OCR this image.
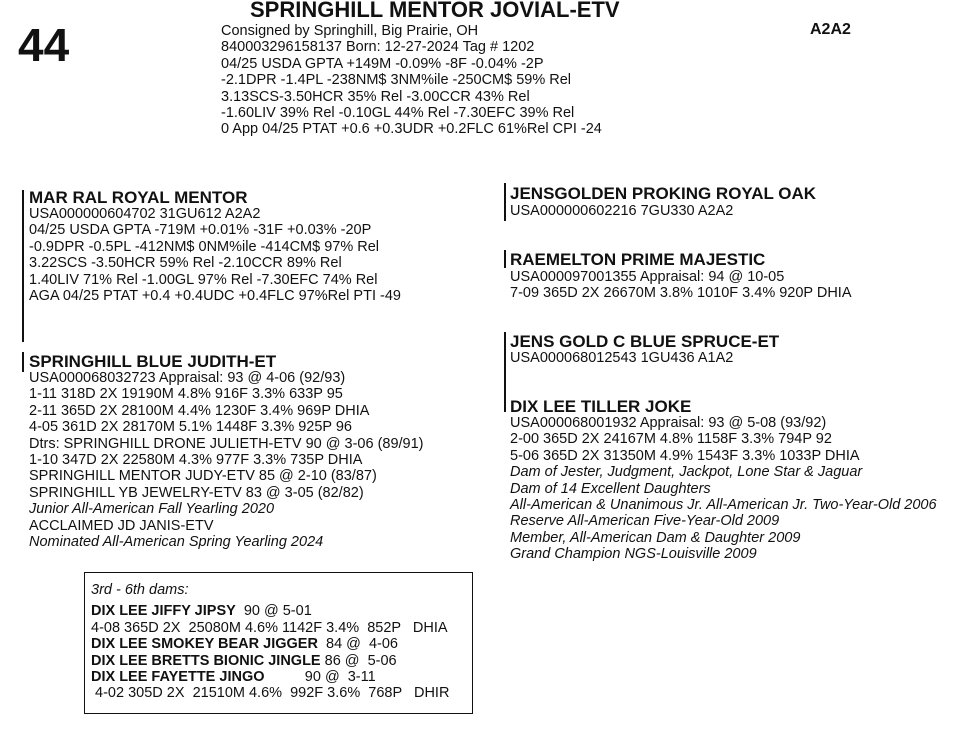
44
SPRINGHILL MENTOR JOVIAL-ETV
A2A2
Consigned by Springhill, Big Prairie, OH
840003296158137 Born: 12-27-2024 Tag # 1202
04/25 USDA GPTA +149M -0.09% -8F -0.04% -2P
-2.1DPR -1.4PL -238NM$ 3NM%ile -250CM$ 59% Rel
3.13SCS-3.50HCR 35% Rel -3.00CCR 43% Rel
-1.60LIV 39% Rel -0.10GL 44% Rel -7.30EFC 39% Rel
0 App 04/25 PTAT +0.6 +0.3UDR +0.2FLC 61%Rel CPI -24
MAR RAL ROYAL MENTOR
USA000000604702 31GU612 A2A2
04/25 USDA GPTA -719M +0.01% -31F +0.03% -20P
-0.9DPR -0.5PL -412NM$ 0NM%ile -414CM$ 97% Rel
3.22SCS -3.50HCR 59% Rel -2.10CCR 89% Rel
1.40LIV 71% Rel -1.00GL 97% Rel -7.30EFC 74% Rel
AGA 04/25 PTAT +0.4 +0.4UDC +0.4FLC 97%Rel PTI -49
SPRINGHILL BLUE JUDITH-ET
USA000068032723 Appraisal: 93 @ 4-06 (92/93)
1-11 318D 2X 19190M 4.8% 916F 3.3% 633P 95
2-11 365D 2X 28100M 4.4% 1230F 3.4% 969P DHIA
4-05 361D 2X 28170M 5.1% 1448F 3.3% 925P 96
Dtrs: SPRINGHILL DRONE JULIETH-ETV 90 @ 3-06 (89/91)
1-10 347D 2X 22580M 4.3% 977F 3.3% 735P DHIA
SPRINGHILL MENTOR JUDY-ETV 85 @ 2-10 (83/87)
SPRINGHILL YB JEWELRY-ETV 83 @ 3-05 (82/82)
Junior All-American Fall Yearling 2020
ACCLAIMED JD JANIS-ETV
Nominated All-American Spring Yearling 2024
JENSGOLDEN PROKING ROYAL OAK
USA000000602216 7GU330 A2A2
RAEMELTON PRIME MAJESTIC
USA000097001355 Appraisal: 94 @ 10-05
7-09 365D 2X 26670M 3.8% 1010F 3.4% 920P DHIA
JENS GOLD C BLUE SPRUCE-ET
USA000068012543 1GU436 A1A2
DIX LEE TILLER JOKE
USA000068001932 Appraisal: 93 @ 5-08 (93/92)
2-00 365D 2X 24167M 4.8% 1158F 3.3% 794P 92
5-06 365D 2X 31350M 4.9% 1543F 3.3% 1033P DHIA
Dam of Jester, Judgment, Jackpot, Lone Star & Jaguar
Dam of 14 Excellent Daughters
All-American & Unanimous Jr. All-American Jr. Two-Year-Old 2006
Reserve All-American Five-Year-Old 2009
Member, All-American Dam & Daughter 2009
Grand Champion NGS-Louisville 2009
3rd - 6th dams:
DIX LEE JIFFY JIPSY  90 @ 5-01
4-08 365D 2X  25080M 4.6% 1142F 3.4%  852P   DHIA
DIX LEE SMOKEY BEAR JIGGER  84 @  4-06
DIX LEE BRETTS BIONIC JINGLE 86 @  5-06
DIX LEE FAYETTE JINGO          90 @  3-11
4-02 305D 2X  21510M 4.6%  992F 3.6%  768P   DHIR
